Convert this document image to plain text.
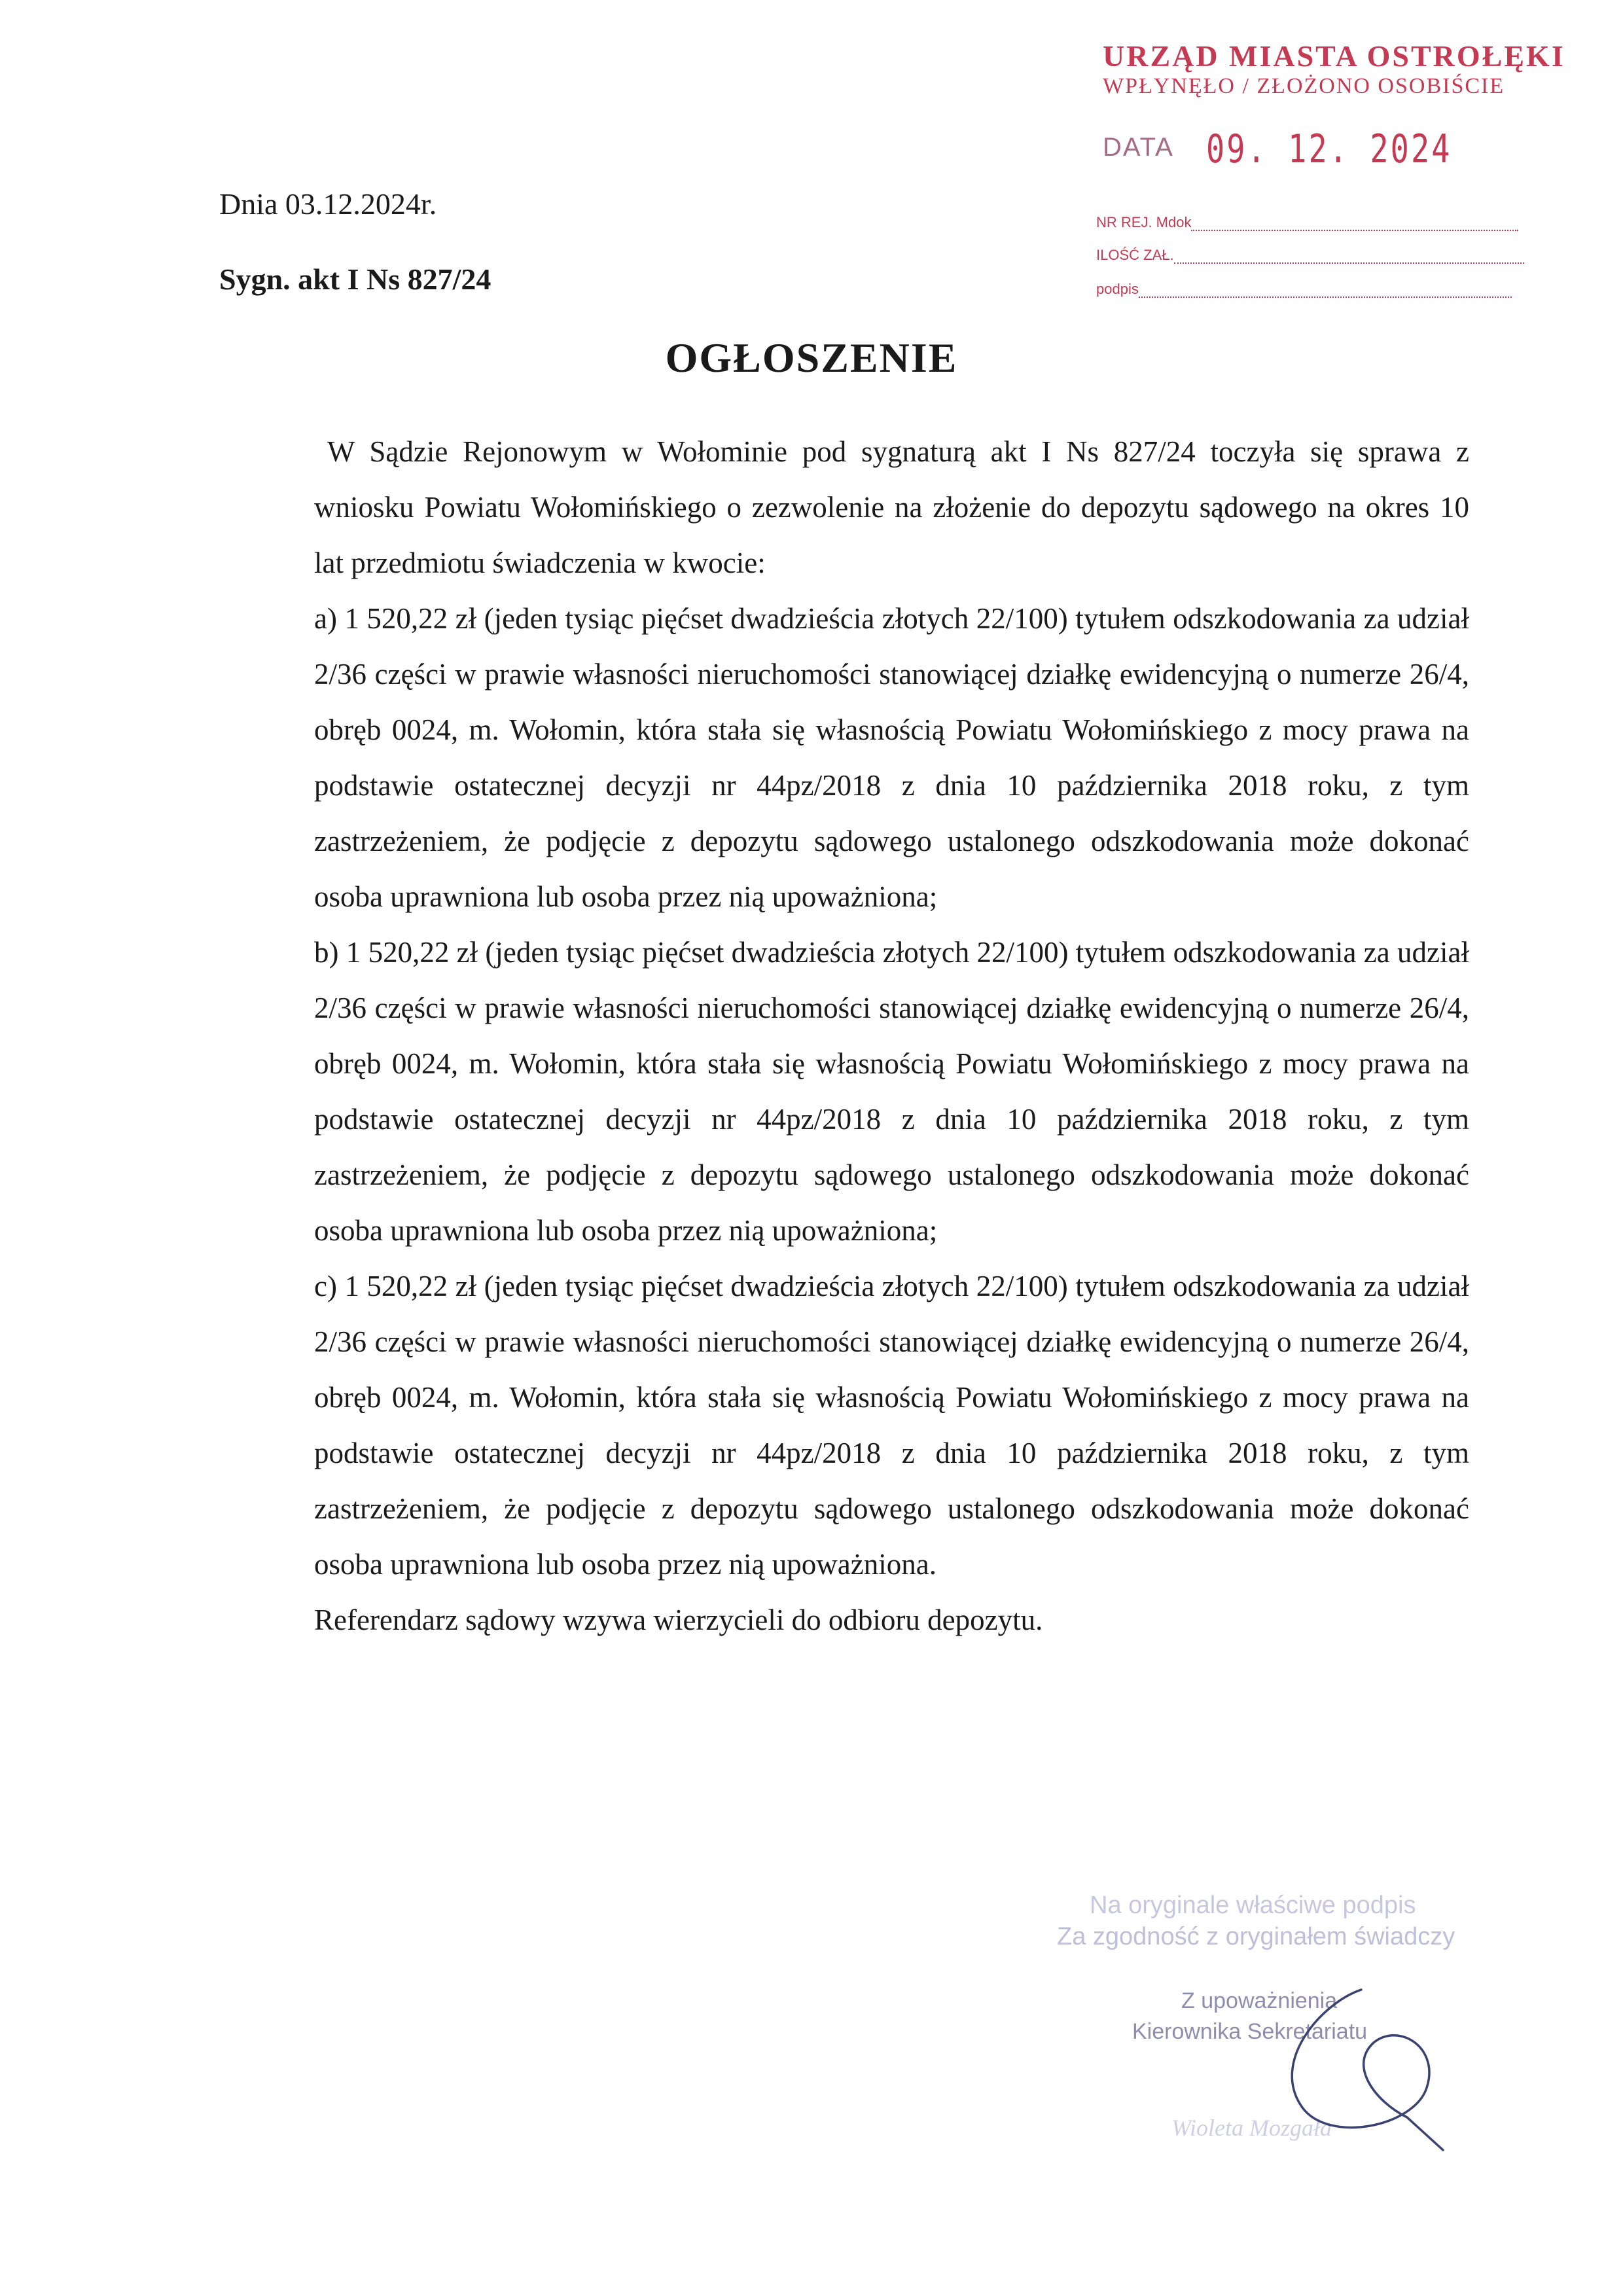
URZĄD MIASTA OSTROŁĘKI
WPŁYNĘŁO / ZŁOŻONO OSOBIŚCIE
DATA 09. 12. 2024
NR REJ. Mdok
ILOŚĆ ZAŁ.
podpis
Dnia 03.12.2024r.
Sygn. akt I Ns 827/24
OGŁOSZENIE

W Sądzie Rejonowym w Wołominie pod sygnaturą akt I Ns 827/24 toczyła się sprawa z wniosku Powiatu Wołomińskiego o zezwolenie na złożenie do depozytu sądowego na okres 10 lat przedmiotu świadczenia w kwocie:

a) 1 520,22 zł (jeden tysiąc pięćset dwadzieścia złotych 22/100) tytułem odszkodowania za udział 2/36 części w prawie własności nieruchomości stanowiącej działkę ewidencyjną o numerze 26/4, obręb 0024, m. Wołomin, która stała się własnością Powiatu Wołomińskiego z mocy prawa na podstawie ostatecznej decyzji nr 44pz/2018 z dnia 10 października 2018 roku, z tym zastrzeżeniem, że podjęcie z depozytu sądowego ustalonego odszkodowania może dokonać osoba uprawniona lub osoba przez nią upoważniona;

b) 1 520,22 zł (jeden tysiąc pięćset dwadzieścia złotych 22/100) tytułem odszkodowania za udział 2/36 części w prawie własności nieruchomości stanowiącej działkę ewidencyjną o numerze 26/4, obręb 0024, m. Wołomin, która stała się własnością Powiatu Wołomińskiego z mocy prawa na podstawie ostatecznej decyzji nr 44pz/2018 z dnia 10 października 2018 roku, z tym zastrzeżeniem, że podjęcie z depozytu sądowego ustalonego odszkodowania może dokonać osoba uprawniona lub osoba przez nią upoważniona;

c) 1 520,22 zł (jeden tysiąc pięćset dwadzieścia złotych 22/100) tytułem odszkodowania za udział 2/36 części w prawie własności nieruchomości stanowiącej działkę ewidencyjną o numerze 26/4, obręb 0024, m. Wołomin, która stała się własnością Powiatu Wołomińskiego z mocy prawa na podstawie ostatecznej decyzji nr 44pz/2018 z dnia 10 października 2018 roku, z tym zastrzeżeniem, że podjęcie z depozytu sądowego ustalonego odszkodowania może dokonać osoba uprawniona lub osoba przez nią upoważniona.

Referendarz sądowy wzywa wierzycieli do odbioru depozytu.

Na oryginale właściwe podpis
Za zgodność z oryginałem świadczy
Z upoważnienia
Kierownika Sekretariatu
Wioleta Mozgała
